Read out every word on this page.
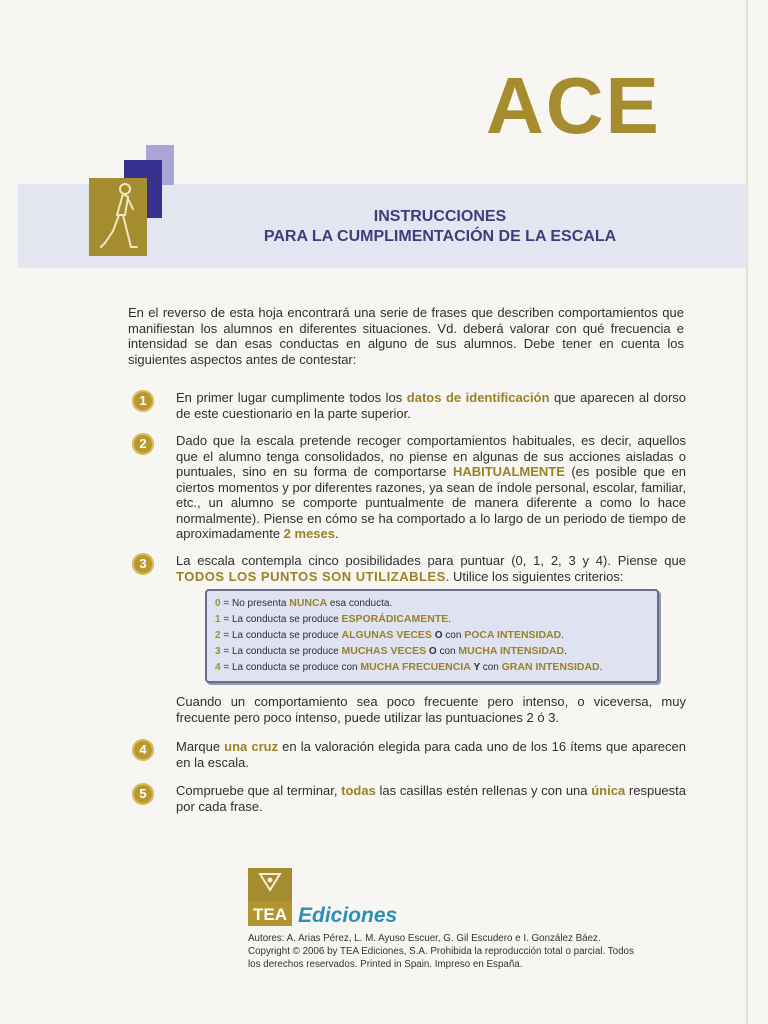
ACE
INSTRUCCIONES
PARA LA CUMPLIMENTACIÓN DE LA ESCALA

En el reverso de esta hoja encontrará una serie de frases que describen comportamientos que manifiestan los alumnos en diferentes situaciones. Vd. deberá valorar con qué frecuencia e intensidad se dan esas conductas en alguno de sus alumnos. Debe tener en cuenta los siguientes aspectos antes de contestar:

1	En primer lugar cumplimente todos los datos de identificación que aparecen al dorso de este cuestionario en la parte superior.
2	Dado que la escala pretende recoger comportamientos habituales, es decir, aquellos que el alumno tenga consolidados, no piense en algunas de sus acciones aisladas o puntuales, sino en su forma de comportarse HABITUALMENTE (es posible que en ciertos momentos y por diferentes razones, ya sean de índole personal, escolar, familiar, etc., un alumno se comporte puntualmente de manera diferente a como lo hace normalmente). Piense en cómo se ha comportado a lo largo de un periodo de tiempo de aproximadamente 2 meses.
3	La escala contempla cinco posibilidades para puntuar (0, 1, 2, 3 y 4). Piense que TODOS LOS PUNTOS SON UTILIZABLES. Utilice los siguientes criterios:
0 = No presenta NUNCA esa conducta.
1 = La conducta se produce ESPORÁDICAMENTE.
2 = La conducta se produce ALGUNAS VECES O con POCA INTENSIDAD.
3 = La conducta se produce MUCHAS VECES O con MUCHA INTENSIDAD.
4 = La conducta se produce con MUCHA FRECUENCIA Y con GRAN INTENSIDAD.

Cuando un comportamiento sea poco frecuente pero intenso, o viceversa, muy frecuente pero poco intenso, puede utilizar las puntuaciones 2 ó 3.

4	Marque una cruz en la valoración elegida para cada uno de los 16 ítems que aparecen en la escala.
5	Compruebe que al terminar, todas las casillas estén rellenas y con una única respuesta por cada frase.
TEA Ediciones
Autores: A. Arias Pérez, L. M. Ayuso Escuer, G. Gil Escudero e I. González Báez.
Copyright © 2006 by TEA Ediciones, S.A. Prohibida la reproducción total o parcial. Todos los derechos reservados. Printed in Spain. Impreso en España.
